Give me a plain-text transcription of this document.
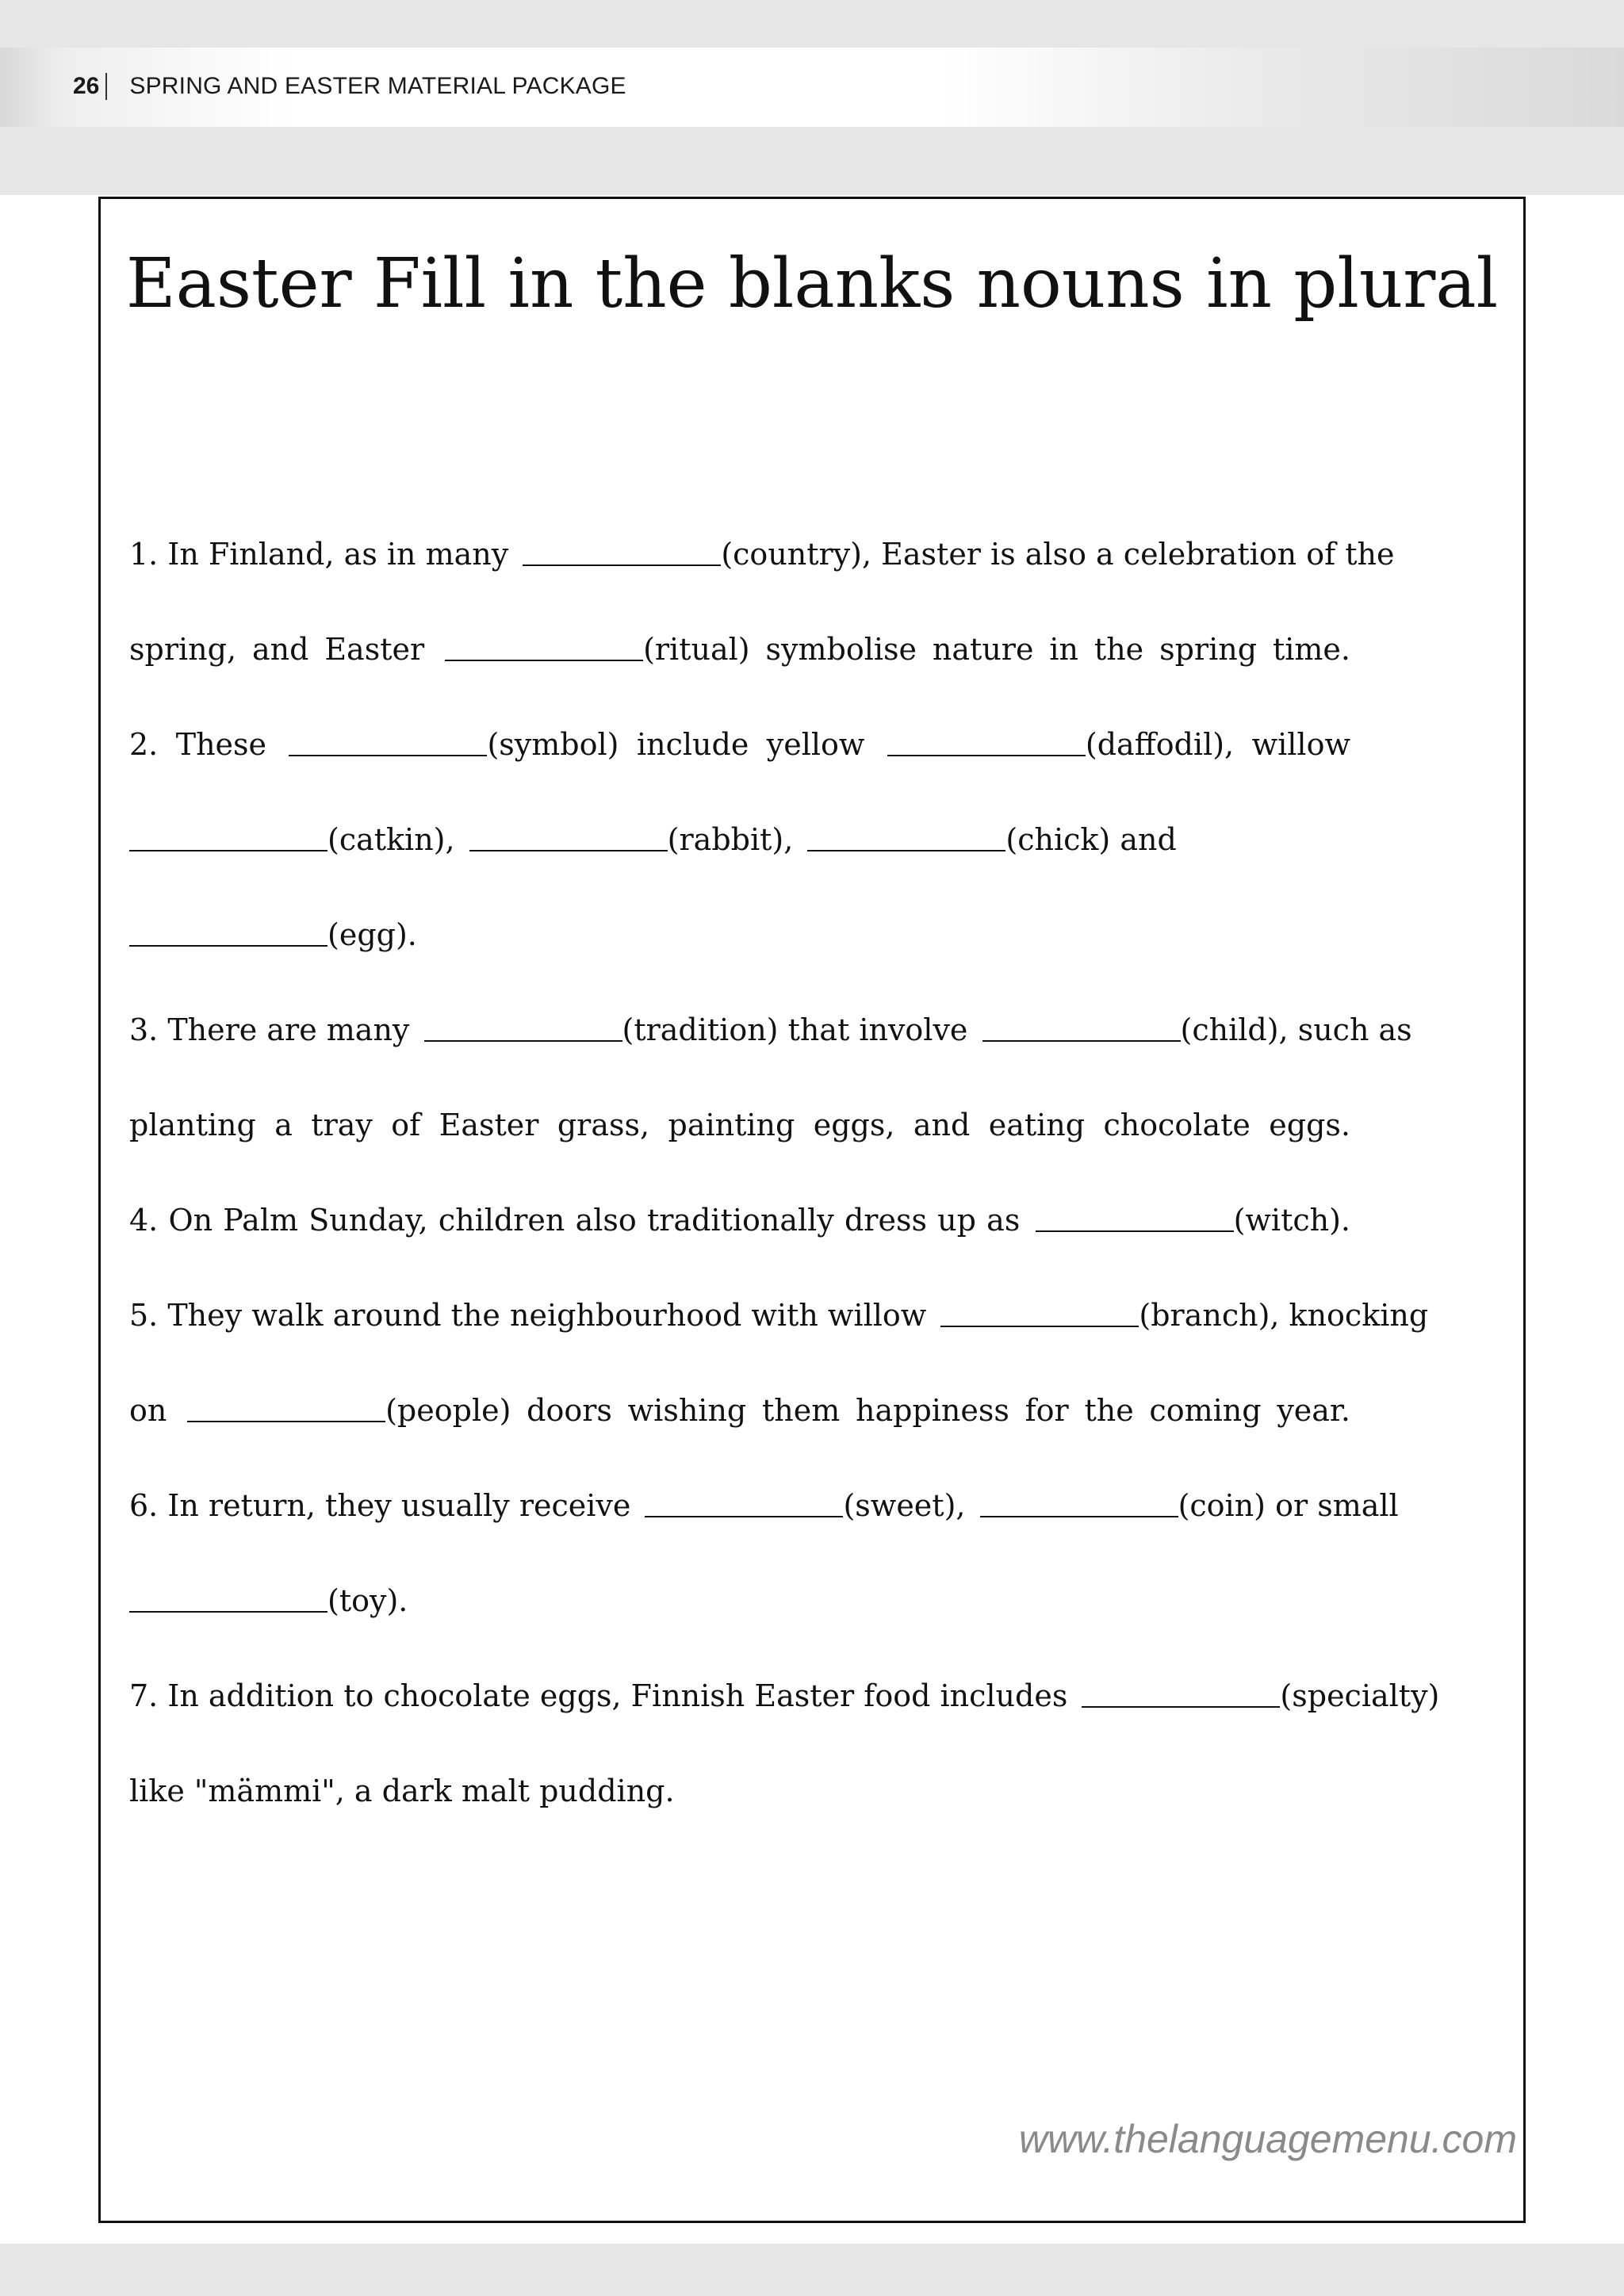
26 SPRING AND EASTER MATERIAL PACKAGE
Easter Fill in the blanks nouns in plural
1. In Finland, as in many	(country), Easter is also a celebration of the
spring, and Easter	(ritual) symbolise nature in the spring time.
2. These	(symbol) include yellow	(daffodil), willow
(catkin),	(rabbit),	(chick) and
(egg).
3. There are many	(tradition) that involve	(child), such as
planting a tray of Easter grass, painting eggs, and eating chocolate eggs.
4. On Palm Sunday, children also traditionally dress up as	(witch).
5. They walk around the neighbourhood with willow	(branch), knocking
on	(people) doors wishing them happiness for the coming year.
6. In return, they usually receive	(sweet),	(coin) or small
(toy).
7. In addition to chocolate eggs, Finnish Easter food includes	(specialty)
like "mämmi", a dark malt pudding.
www.thelanguagemenu.com
